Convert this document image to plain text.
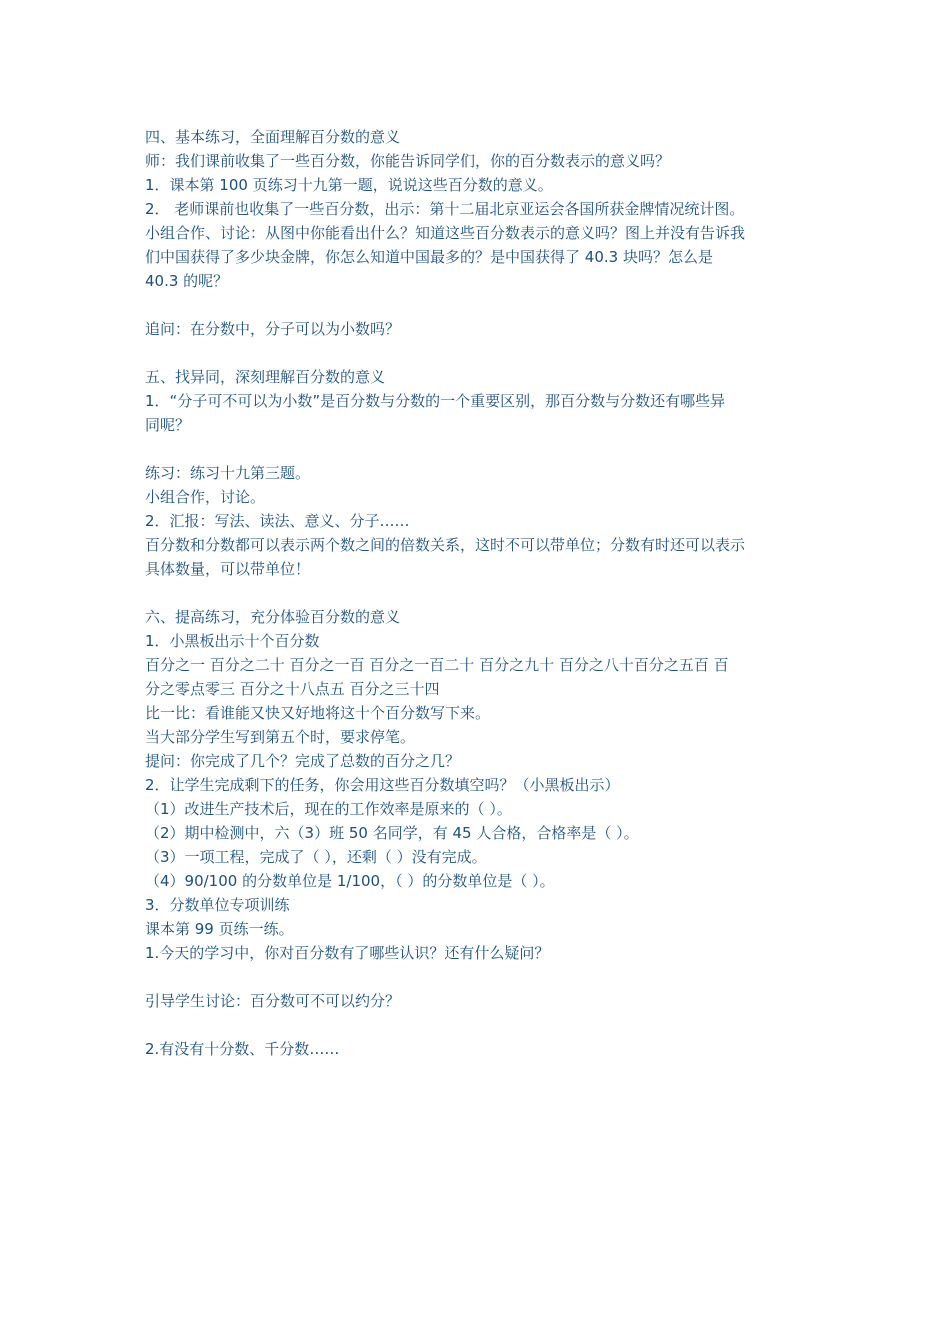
四、基本练习，全面理解百分数的意义
师：我们课前收集了一些百分数，你能告诉同学们，你的百分数表示的意义吗？
1．课本第 100 页练习十九第一题，说说这些百分数的意义。
2． 老师课前也收集了一些百分数，出示：第十二届北京亚运会各国所获金牌情况统计图。
小组合作、讨论：从图中你能看出什么？知道这些百分数表示的意义吗？图上并没有告诉我
们中国获得了多少块金牌，你怎么知道中国最多的？是中国获得了 40.3 块吗？怎么是
40.3 的呢？
追问：在分数中，分子可以为小数吗？
五、找异同，深刻理解百分数的意义
1．“分子可不可以为小数”是百分数与分数的一个重要区别，那百分数与分数还有哪些异
同呢？
练习：练习十九第三题。
小组合作，讨论。
2．汇报：写法、读法、意义、分子……
百分数和分数都可以表示两个数之间的倍数关系，这时不可以带单位；分数有时还可以表示
具体数量，可以带单位！
六、提高练习，充分体验百分数的意义
1．小黑板出示十个百分数
百分之一 百分之二十 百分之一百 百分之一百二十 百分之九十 百分之八十百分之五百 百
分之零点零三 百分之十八点五 百分之三十四
比一比：看谁能又快又好地将这十个百分数写下来。
当大部分学生写到第五个时，要求停笔。
提问：你完成了几个？完成了总数的百分之几？
2．让学生完成剩下的任务，你会用这些百分数填空吗？（小黑板出示）
（1）改进生产技术后，现在的工作效率是原来的（ ）。
（2）期中检测中，六（3）班 50 名同学，有 45 人合格，合格率是（ ）。
（3）一项工程，完成了（ ），还剩（ ）没有完成。
（4）90/100 的分数单位是 1/100，（ ）的分数单位是（ ）。
3．分数单位专项训练
课本第 99 页练一练。
1.今天的学习中，你对百分数有了哪些认识？还有什么疑问？
引导学生讨论：百分数可不可以约分？
2.有没有十分数、千分数……
